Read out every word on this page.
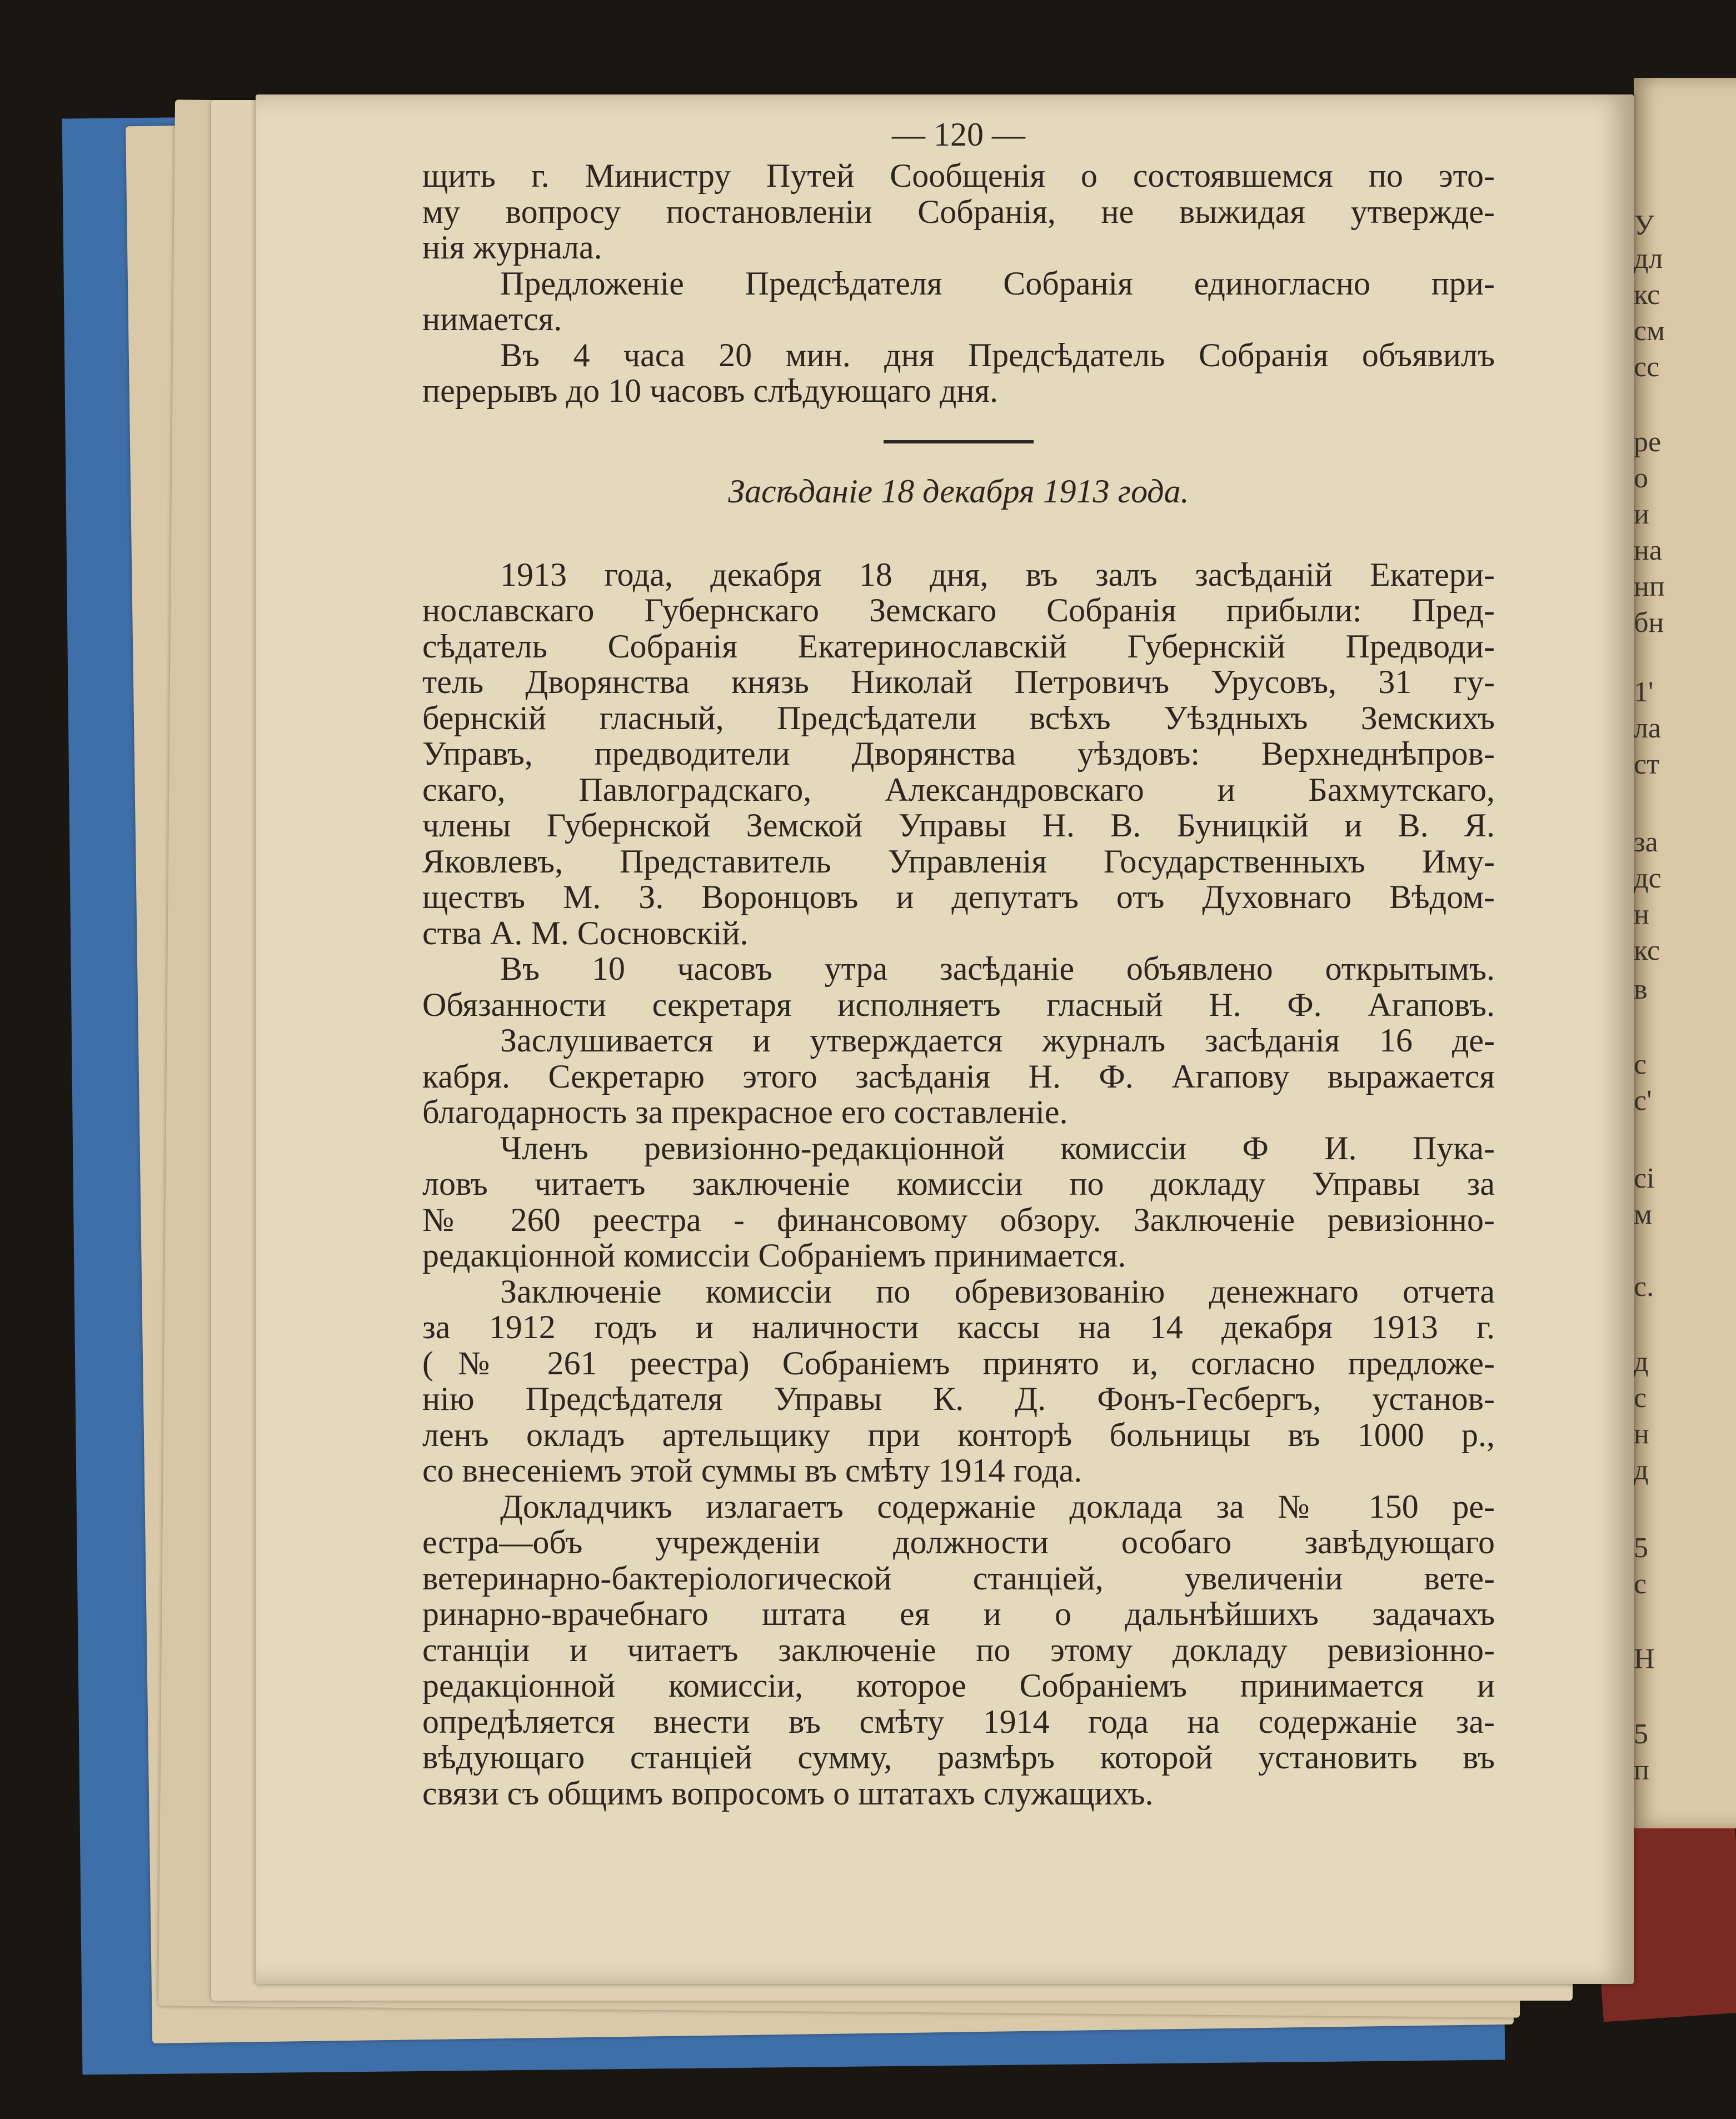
У
дл
кс
см
сс
ре
о
и
на
нп
бн
1'
ла
ст
за
дс
н
кс
в
с
с'
сі
м
с.
д
с
н
д
5
с
Н
5
п
— 120 —
щить г. Министру Путей Сообщенія о состоявшемся по это-
му вопросу постановленіи Собранія, не выжидая утвержде-
нія журнала.
Предложеніе Предсѣдателя Собранія единогласно при-
нимается.
Въ 4 часа 20 мин. дня Предсѣдатель Собранія объявилъ
перерывъ до 10 часовъ слѣдующаго дня.
Засѣданіе 18 декабря 1913 года.
1913 года, декабря 18 дня, въ залъ засѣданій Екатери-
нославскаго Губернскаго Земскаго Собранія прибыли: Пред-
сѣдатель Собранія Екатеринославскій Губернскій Предводи-
тель Дворянства князь Николай Петровичъ Урусовъ, 31 гу-
бернскій гласный, Предсѣдатели всѣхъ Уѣздныхъ Земскихъ
Управъ, предводители Дворянства уѣздовъ: Верхнеднѣпров-
скаго, Павлоградскаго, Александровскаго и Бахмутскаго,
члены Губернской Земской Управы Н. В. Буницкій и В. Я.
Яковлевъ, Представитель Управленія Государственныхъ Иму-
ществъ М. З. Воронцовъ и депутатъ отъ Духовнаго Вѣдом-
ства А. М. Сосновскій.
Въ 10 часовъ утра засѣданіе объявлено открытымъ.
Обязанности секретаря исполняетъ гласный Н. Ф. Агаповъ.
Заслушивается и утверждается журналъ засѣданія 16 де-
кабря. Секретарю этого засѣданія Н. Ф. Агапову выражается
благодарность за прекрасное его составленіе.
Членъ ревизіонно-редакціонной комиссіи Ф И. Пука-
ловъ читаетъ заключеніе комиссіи по докладу Управы за
№ 260 реестра - финансовому обзору. Заключеніе ревизіонно-
редакціонной комиссіи Собраніемъ принимается.
Заключеніе комиссіи по обревизованію денежнаго отчета
за 1912 годъ и наличности кассы на 14 декабря 1913 г.
(№ 261 реестра) Собраніемъ принято и, согласно предложе-
нію Предсѣдателя Управы К. Д. Фонъ-Гесбергъ, установ-
ленъ окладъ артельщику при конторѣ больницы въ 1000 р.,
со внесеніемъ этой суммы въ смѣту 1914 года.
Докладчикъ излагаетъ содержаніе доклада за № 150 ре-
естра—объ учрежденіи должности особаго завѣдующаго
ветеринарно-бактеріологической станціей, увеличеніи вете-
ринарно-врачебнаго штата ея и о дальнѣйшихъ задачахъ
станціи и читаетъ заключеніе по этому докладу ревизіонно-
редакціонной комиссіи, которое Собраніемъ принимается и
опредѣляется внести въ смѣту 1914 года на содержаніе за-
вѣдующаго станціей сумму, размѣръ которой установить въ
связи съ общимъ вопросомъ о штатахъ служащихъ.
